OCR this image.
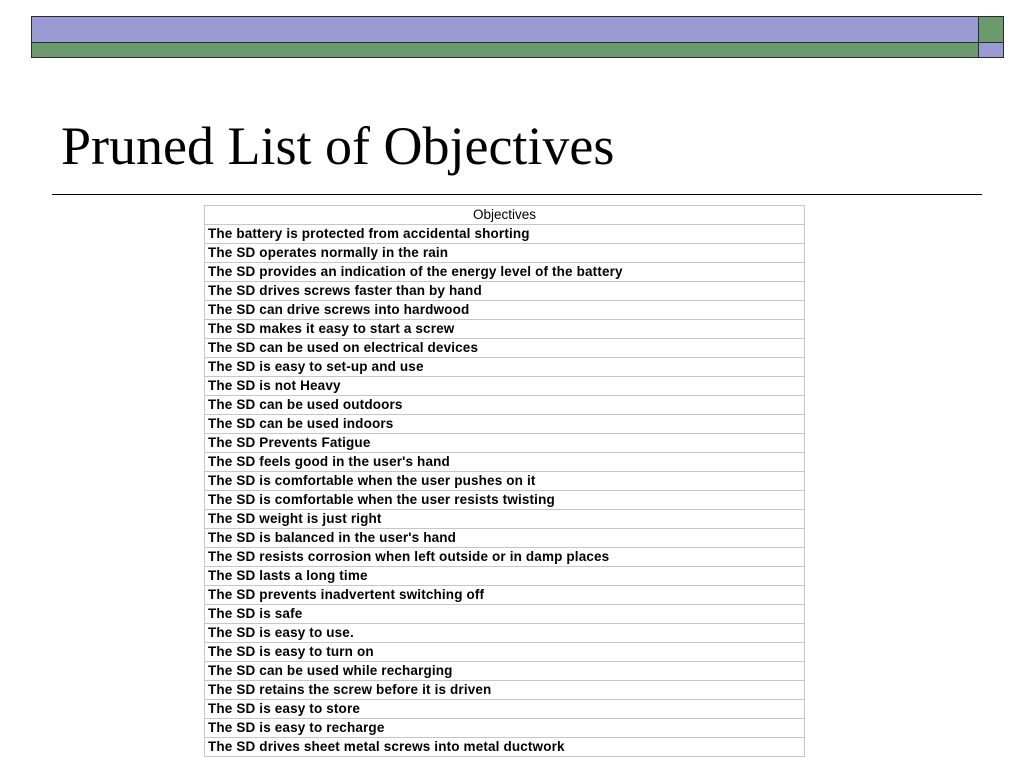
Pruned List of Objectives
Objectives
The battery is protected from accidental shorting
The SD operates normally in the rain
The SD provides an indication of the energy level of the battery
The SD drives screws faster than by hand
The SD can drive screws into hardwood
The SD makes it easy to start a screw
The SD can be used on electrical devices
The SD is easy to set-up and use
The SD is not Heavy
The SD can be used outdoors
The SD can be used indoors
The SD Prevents Fatigue
The SD feels good in the user's hand
The SD is comfortable when the user pushes on it
The SD is comfortable when the user resists twisting
The SD weight is just right
The SD is balanced in the user's hand
The SD resists corrosion when left outside or in damp places
The SD lasts a long time
The SD prevents inadvertent switching off
The SD is safe
The SD is easy to use.
The SD is easy to turn on
The SD can be used while recharging
The SD retains the screw before it is driven
The SD is easy to store
The SD is easy to recharge
The SD drives sheet metal screws into metal ductwork
